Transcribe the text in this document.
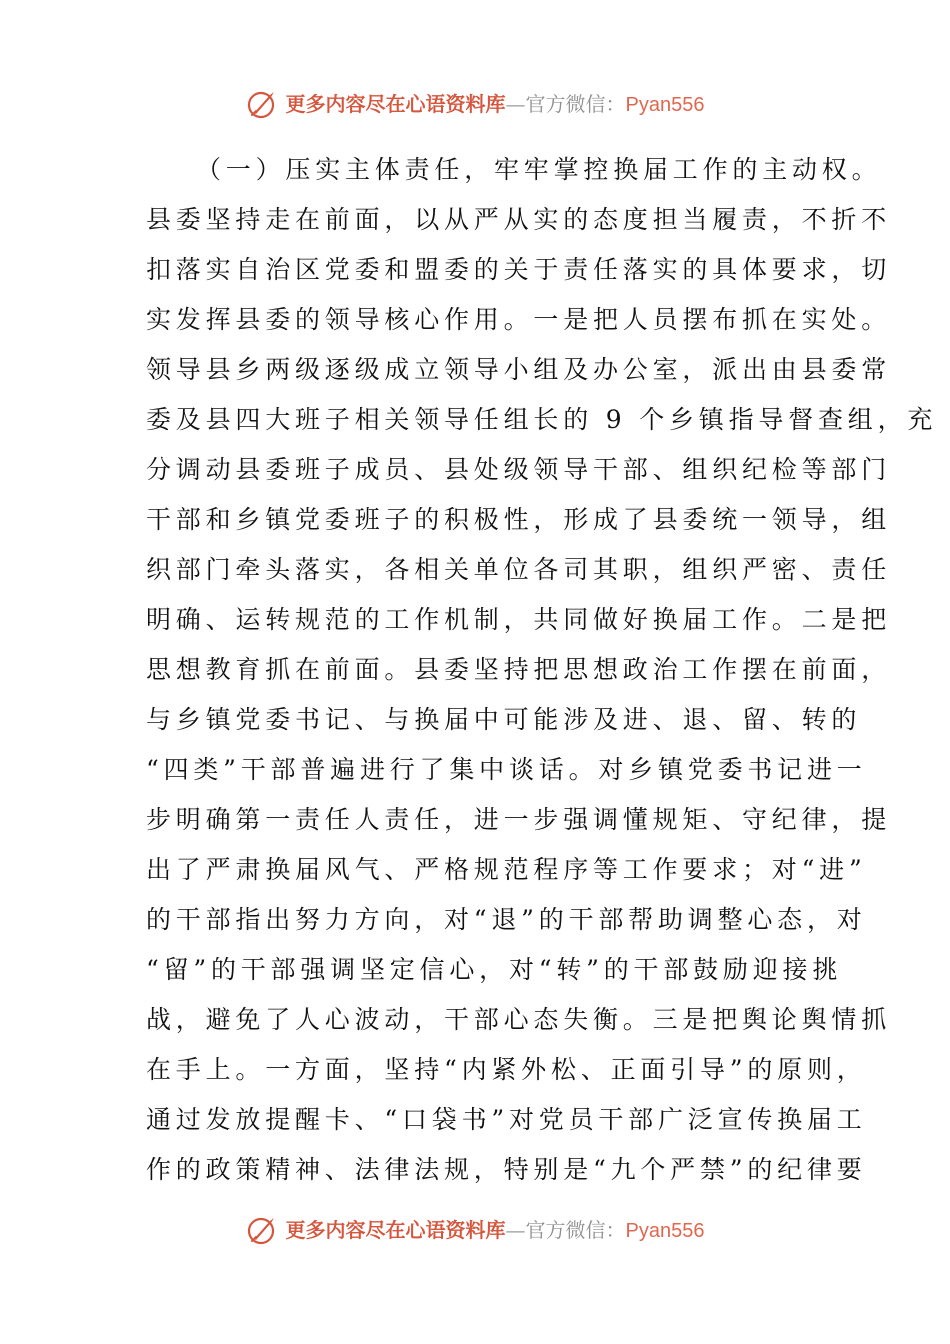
更多内容尽在心语资料库—官方微信：Pyan556
（一）压实主体责任，牢牢掌控换届工作的主动权。
县委坚持走在前面，以从严从实的态度担当履责，不折不
扣落实自治区党委和盟委的关于责任落实的具体要求，切
实发挥县委的领导核心作用。一是把人员摆布抓在实处。
领导县乡两级逐级成立领导小组及办公室，派出由县委常
委及县四大班子相关领导任组长的 9 个乡镇指导督查组，充
分调动县委班子成员、县处级领导干部、组织纪检等部门
干部和乡镇党委班子的积极性，形成了县委统一领导，组
织部门牵头落实，各相关单位各司其职，组织严密、责任
明确、运转规范的工作机制，共同做好换届工作。二是把
思想教育抓在前面。县委坚持把思想政治工作摆在前面，
与乡镇党委书记、与换届中可能涉及进、退、留、转的
“四类”干部普遍进行了集中谈话。对乡镇党委书记进一
步明确第一责任人责任，进一步强调懂规矩、守纪律，提
出了严肃换届风气、严格规范程序等工作要求；对“进”
的干部指出努力方向，对“退”的干部帮助调整心态，对
“留”的干部强调坚定信心，对“转”的干部鼓励迎接挑
战，避免了人心波动，干部心态失衡。三是把舆论舆情抓
在手上。一方面，坚持“内紧外松、正面引导”的原则，
通过发放提醒卡、“口袋书”对党员干部广泛宣传换届工
作的政策精神、法律法规，特别是“九个严禁”的纪律要
更多内容尽在心语资料库—官方微信：Pyan556
